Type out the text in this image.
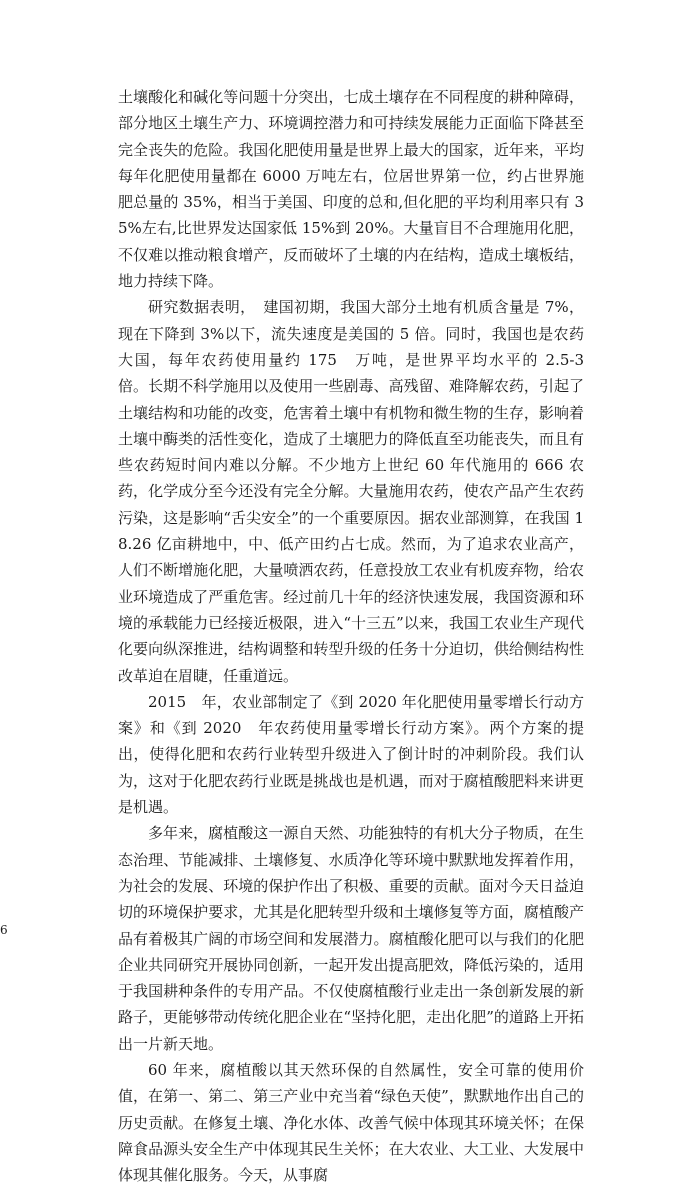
土壤酸化和碱化等问题十分突出，七成土壤存在不同程度的耕种障碍，部分地区土壤生产力、环境调控潜力和可持续发展能力正面临下降甚至完全丧失的危险。我国化肥使用量是世界上最大的国家，近年来，平均每年化肥使用量都在 6000 万吨左右，位居世界第一位，约占世界施肥总量的 35%，相当于美国、印度的总和,但化肥的平均利用率只有 35%左右,比世界发达国家低 15%到 20%。大量盲目不合理施用化肥，不仅难以推动粮食增产，反而破坏了土壤的内在结构，造成土壤板结，地力持续下降。

研究数据表明，　建国初期，我国大部分土地有机质含量是 7%，现在下降到 3%以下，流失速度是美国的 5 倍。同时，我国也是农药大国，每年农药使用量约 175　万吨，是世界平均水平的 2.5-3　倍。长期不科学施用以及使用一些剧毒、高残留、难降解农药，引起了土壤结构和功能的改变，危害着土壤中有机物和微生物的生存，影响着土壤中酶类的活性变化，造成了土壤肥力的降低直至功能丧失，而且有些农药短时间内难以分解。不少地方上世纪 60 年代施用的 666 农药，化学成分至今还没有完全分解。大量施用农药，使农产品产生农药污染，这是影响“舌尖安全”的一个重要原因。据农业部测算，在我国 18.26 亿亩耕地中，中、低产田约占七成。然而，为了追求农业高产，人们不断增施化肥，大量喷洒农药，任意投放工农业有机废弃物，给农业环境造成了严重危害。经过前几十年的经济快速发展，我国资源和环境的承载能力已经接近极限，进入“十三五”以来，我国工农业生产现代化要向纵深推进，结构调整和转型升级的任务十分迫切，供给侧结构性改革迫在眉睫，任重道远。

2015　年，农业部制定了《到 2020 年化肥使用量零增长行动方案》和《到 2020　年农药使用量零增长行动方案》。两个方案的提出，使得化肥和农药行业转型升级进入了倒计时的冲刺阶段。我们认为，这对于化肥农药行业既是挑战也是机遇，而对于腐植酸肥料来讲更是机遇。

多年来，腐植酸这一源自天然、功能独特的有机大分子物质，在生态治理、节能减排、土壤修复、水质净化等环境中默默地发挥着作用，为社会的发展、环境的保护作出了积极、重要的贡献。面对今天日益迫切的环境保护要求，尤其是化肥转型升级和土壤修复等方面，腐植酸产品有着极其广阔的市场空间和发展潜力。腐植酸化肥可以与我们的化肥企业共同研究开展协同创新，一起开发出提高肥效，降低污染的，适用于我国耕种条件的专用产品。不仅使腐植酸行业走出一条创新发展的新路子，更能够带动传统化肥企业在“坚持化肥，走出化肥”的道路上开拓出一片新天地。

60 年来，腐植酸以其天然环保的自然属性，安全可靠的使用价值，在第一、第二、第三产业中充当着“绿色天使”，默默地作出自己的历史贡献。在修复土壤、净化水体、改善气候中体现其环境关怀；在保障食品源头安全生产中体现其民生关怀；在大农业、大工业、大发展中体现其催化服务。今天，从事腐

6
